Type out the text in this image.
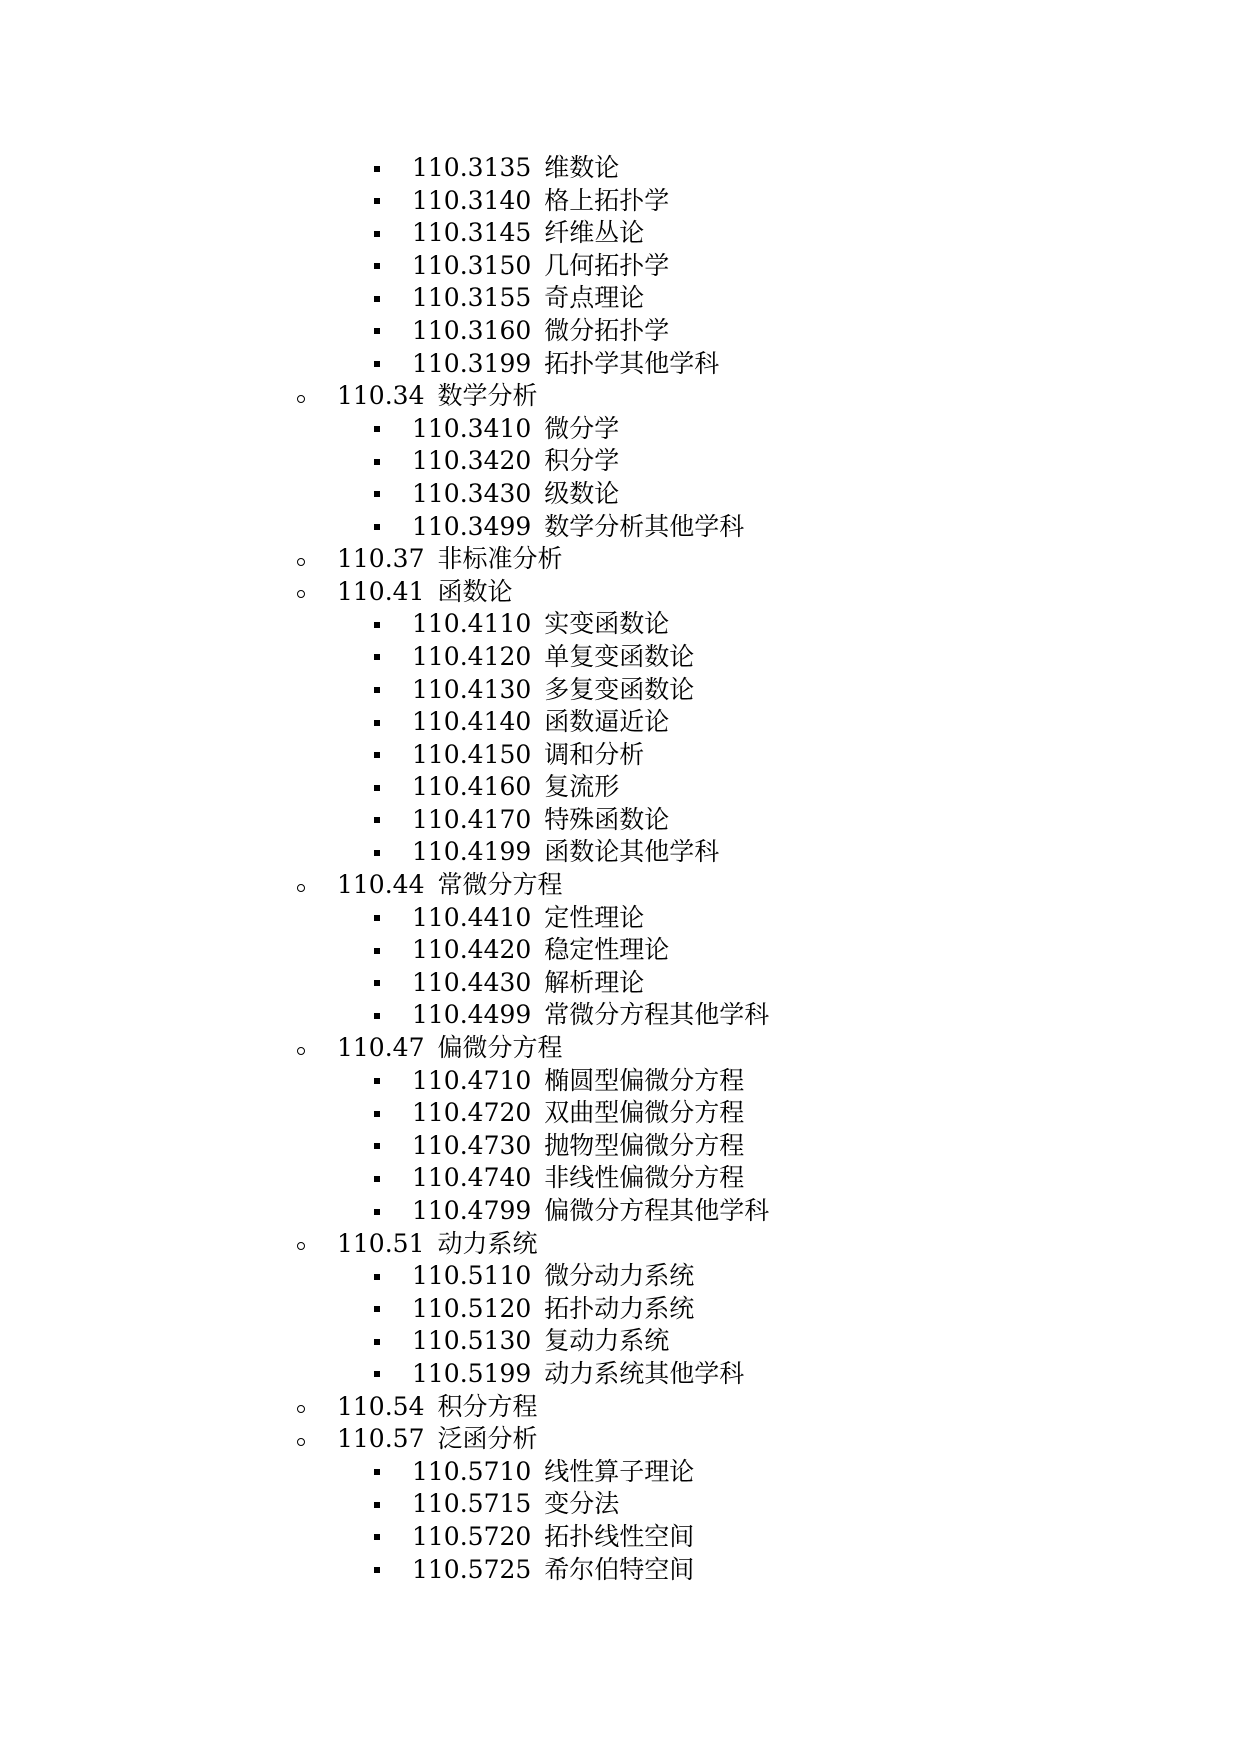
110.3135 维数论
110.3140 格上拓扑学
110.3145 纤维丛论
110.3150 几何拓扑学
110.3155 奇点理论
110.3160 微分拓扑学
110.3199 拓扑学其他学科
110.34 数学分析
110.3410 微分学
110.3420 积分学
110.3430 级数论
110.3499 数学分析其他学科
110.37 非标准分析
110.41 函数论
110.4110 实变函数论
110.4120 单复变函数论
110.4130 多复变函数论
110.4140 函数逼近论
110.4150 调和分析
110.4160 复流形
110.4170 特殊函数论
110.4199 函数论其他学科
110.44 常微分方程
110.4410 定性理论
110.4420 稳定性理论
110.4430 解析理论
110.4499 常微分方程其他学科
110.47 偏微分方程
110.4710 椭圆型偏微分方程
110.4720 双曲型偏微分方程
110.4730 抛物型偏微分方程
110.4740 非线性偏微分方程
110.4799 偏微分方程其他学科
110.51 动力系统
110.5110 微分动力系统
110.5120 拓扑动力系统
110.5130 复动力系统
110.5199 动力系统其他学科
110.54 积分方程
110.57 泛函分析
110.5710 线性算子理论
110.5715 变分法
110.5720 拓扑线性空间
110.5725 希尔伯特空间
